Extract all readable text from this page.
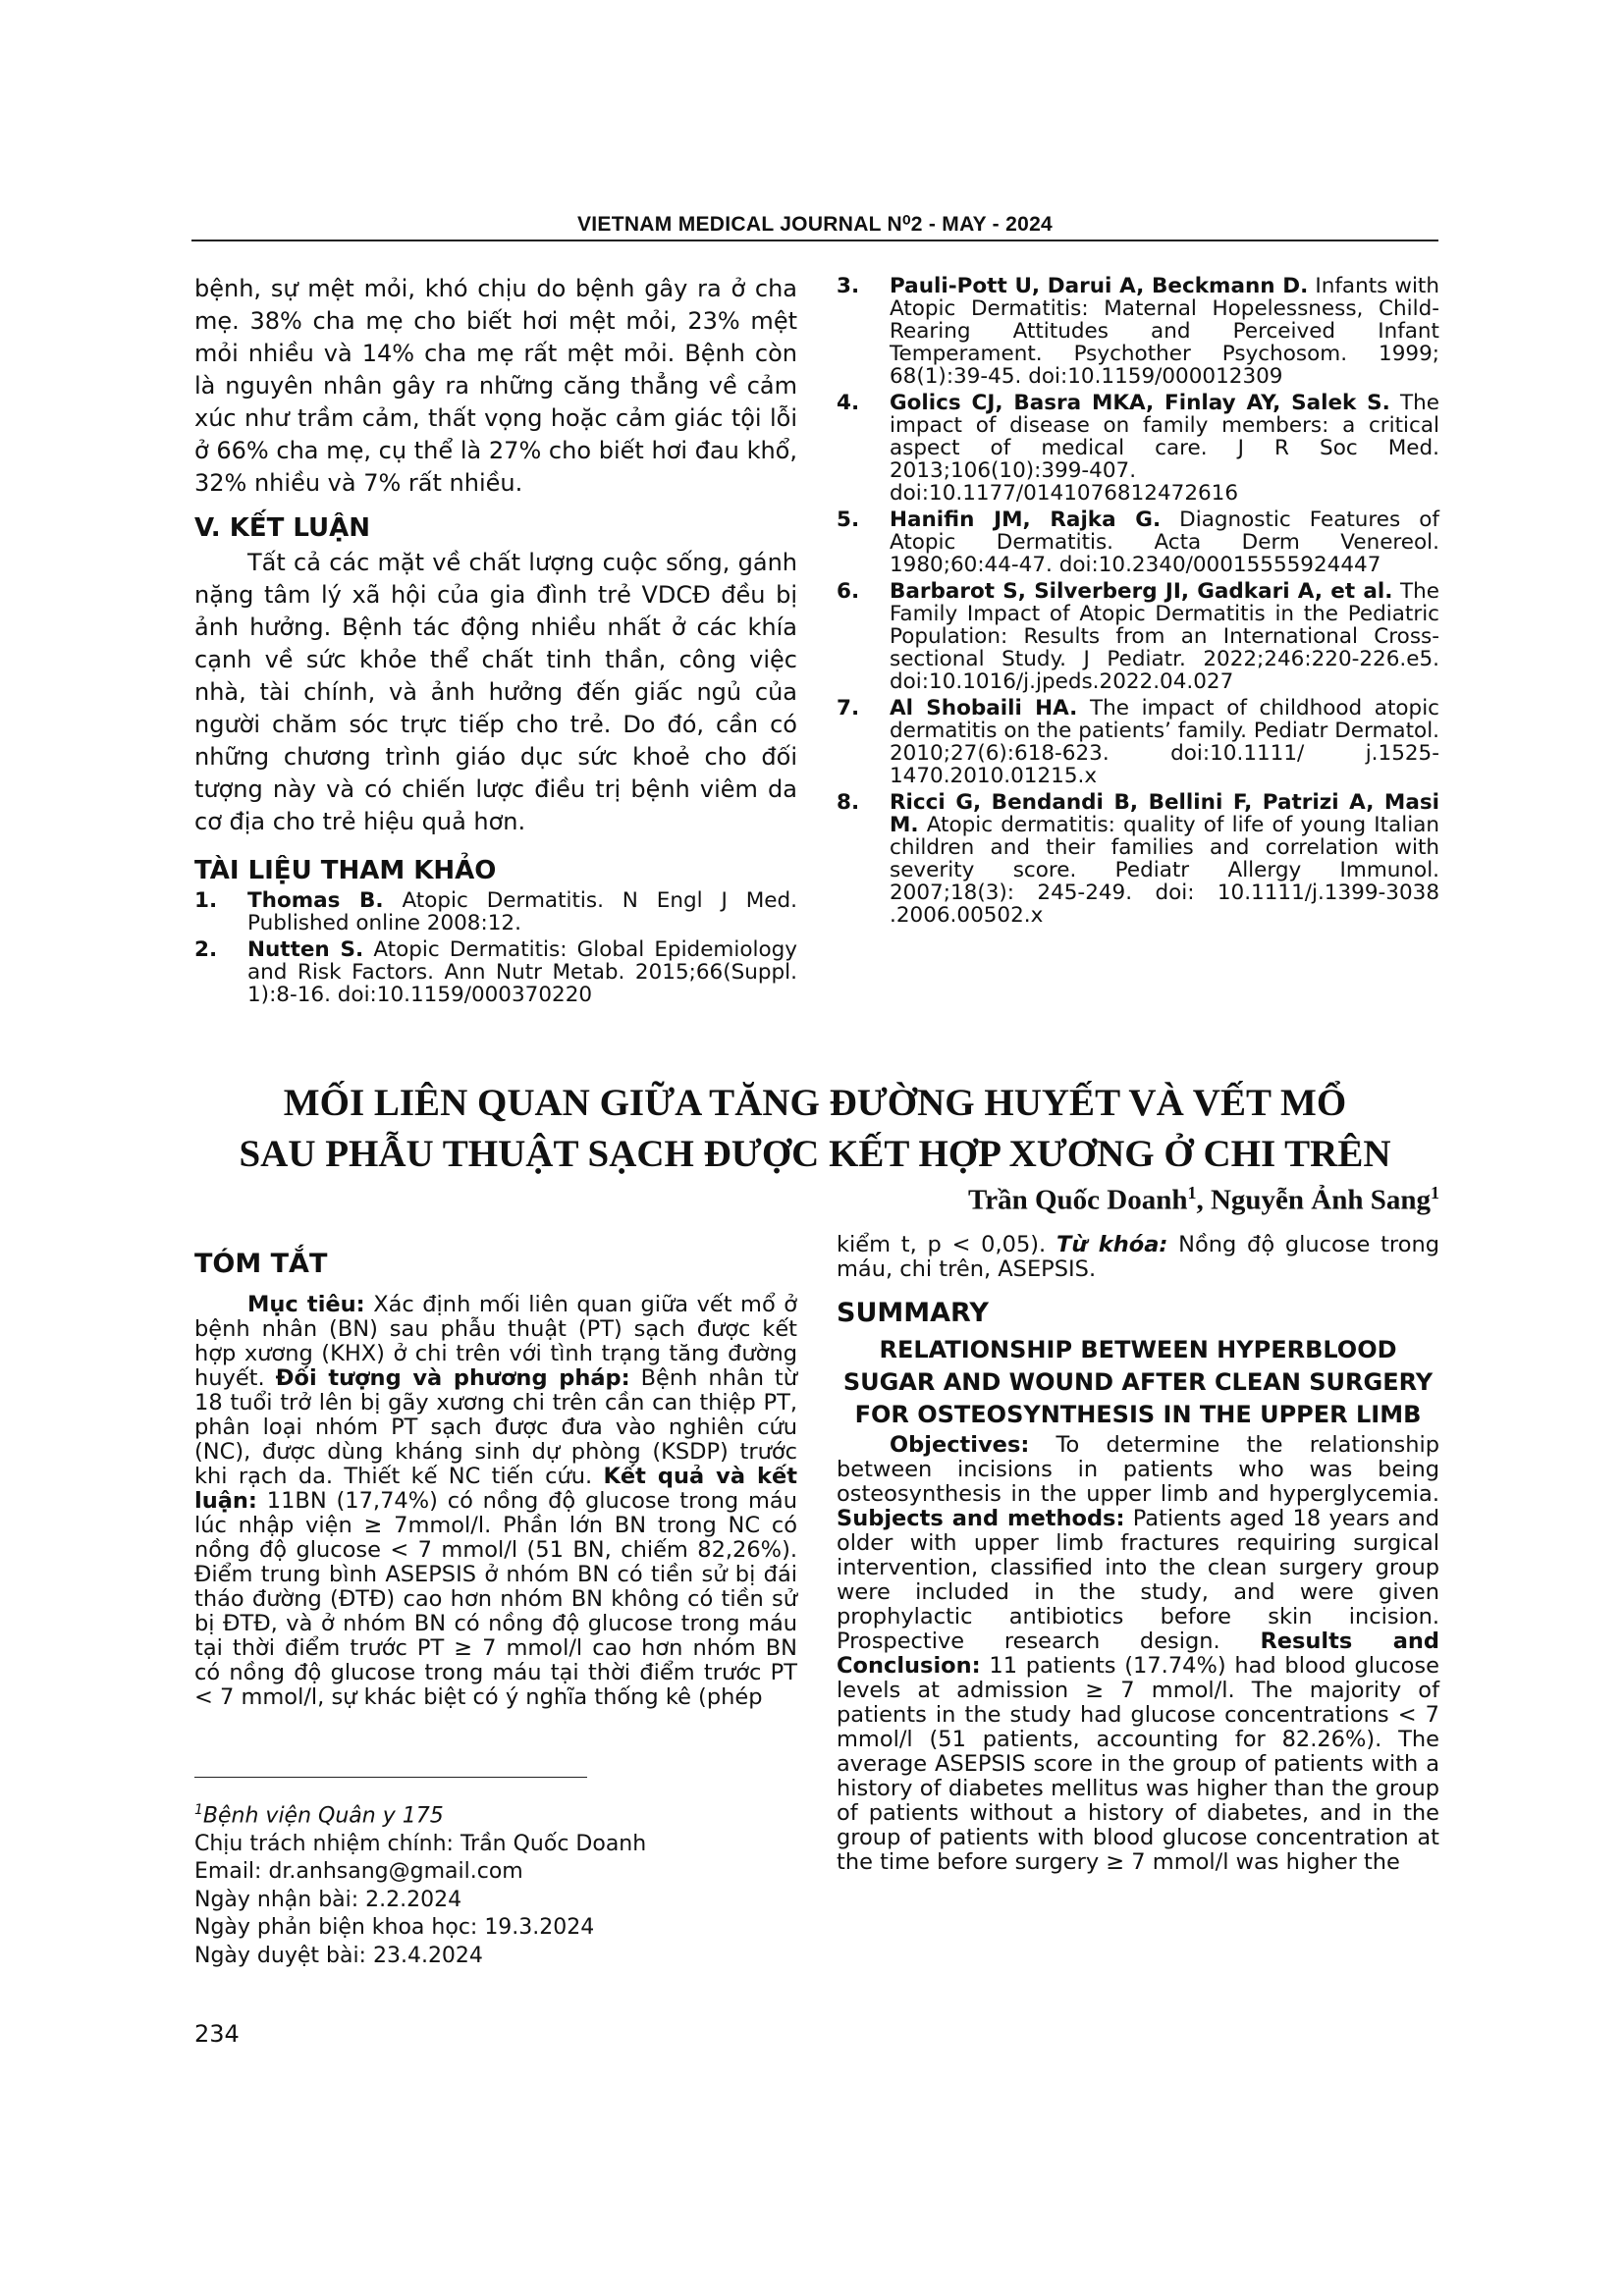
VIETNAM MEDICAL JOURNAL N⁰2 - MAY - 2024

bệnh, sự mệt mỏi, khó chịu do bệnh gây ra ở cha mẹ. 38% cha mẹ cho biết hơi mệt mỏi, 23% mệt mỏi nhiều và 14% cha mẹ rất mệt mỏi. Bệnh còn là nguyên nhân gây ra những căng thẳng về cảm xúc như trầm cảm, thất vọng hoặc cảm giác tội lỗi ở 66% cha mẹ, cụ thể là 27% cho biết hơi đau khổ, 32% nhiều và 7% rất nhiều.

V. KẾT LUẬN

Tất cả các mặt về chất lượng cuộc sống, gánh nặng tâm lý xã hội của gia đình trẻ VDCĐ đều bị ảnh hưởng. Bệnh tác động nhiều nhất ở các khía cạnh về sức khỏe thể chất tinh thần, công việc nhà, tài chính, và ảnh hưởng đến giấc ngủ của người chăm sóc trực tiếp cho trẻ. Do đó, cần có những chương trình giáo dục sức khoẻ cho đối tượng này và có chiến lược điều trị bệnh viêm da cơ địa cho trẻ hiệu quả hơn.

TÀI LIỆU THAM KHẢO
1. Thomas B. Atopic Dermatitis. N Engl J Med. Published online 2008:12.
2. Nutten S. Atopic Dermatitis: Global Epidemiology and Risk Factors. Ann Nutr Metab. 2015;66(Suppl. 1):8-16. doi:10.1159/000370220
3. Pauli-Pott U, Darui A, Beckmann D. Infants with Atopic Dermatitis: Maternal Hopelessness, Child-Rearing Attitudes and Perceived Infant Temperament. Psychother Psychosom. 1999; 68(1):39-45. doi:10.1159/000012309
4. Golics CJ, Basra MKA, Finlay AY, Salek S. The impact of disease on family members: a critical aspect of medical care. J R Soc Med. 2013;106(10):399-407. doi:10.1177/0141076812472616
5. Hanifin JM, Rajka G. Diagnostic Features of Atopic Dermatitis. Acta Derm Venereol. 1980;60:44-47. doi:10.2340/00015555924447
6. Barbarot S, Silverberg JI, Gadkari A, et al. The Family Impact of Atopic Dermatitis in the Pediatric Population: Results from an International Cross-sectional Study. J Pediatr. 2022;246:220-226.e5. doi:10.1016/j.jpeds.2022.04.027
7. Al Shobaili HA. The impact of childhood atopic dermatitis on the patients’ family. Pediatr Dermatol. 2010;27(6):618-623. doi:10.1111/ j.1525-1470.2010.01215.x
8. Ricci G, Bendandi B, Bellini F, Patrizi A, Masi M. Atopic dermatitis: quality of life of young Italian children and their families and correlation with severity score. Pediatr Allergy Immunol. 2007;18(3): 245-249. doi: 10.1111/j.1399-3038 .2006.00502.x
MỐI LIÊN QUAN GIỮA TĂNG ĐƯỜNG HUYẾT VÀ VẾT MỔ
SAU PHẪU THUẬT SẠCH ĐƯỢC KẾT HỢP XƯƠNG Ở CHI TRÊN
Trần Quốc Doanh$^1$, Nguyễn Ảnh Sang$^1$
TÓM TẮT

Mục tiêu: Xác định mối liên quan giữa vết mổ ở bệnh nhân (BN) sau phẫu thuật (PT) sạch được kết hợp xương (KHX) ở chi trên với tình trạng tăng đường huyết. Đối tượng và phương pháp: Bệnh nhân từ 18 tuổi trở lên bị gãy xương chi trên cần can thiệp PT, phân loại nhóm PT sạch được đưa vào nghiên cứu (NC), được dùng kháng sinh dự phòng (KSDP) trước khi rạch da. Thiết kế NC tiến cứu. Kết quả và kết luận: 11BN (17,74%) có nồng độ glucose trong máu lúc nhập viện ≥ 7mmol/l. Phần lớn BN trong NC có nồng độ glucose < 7 mmol/l (51 BN, chiếm 82,26%). Điểm trung bình ASEPSIS ở nhóm BN có tiền sử bị đái tháo đường (ĐTĐ) cao hơn nhóm BN không có tiền sử bị ĐTĐ, và ở nhóm BN có nồng độ glucose trong máu tại thời điểm trước PT ≥ 7 mmol/l cao hơn nhóm BN có nồng độ glucose trong máu tại thời điểm trước PT < 7 mmol/l, sự khác biệt có ý nghĩa thống kê (phép

kiểm t, p < 0,05). Từ khóa: Nồng độ glucose trong máu, chi trên, ASEPSIS.

SUMMARY
RELATIONSHIP BETWEEN HYPERBLOOD SUGAR AND WOUND AFTER CLEAN SURGERY FOR OSTEOSYNTHESIS IN THE UPPER LIMB

Objectives: To determine the relationship between incisions in patients who was being osteosynthesis in the upper limb and hyperglycemia. Subjects and methods: Patients aged 18 years and older with upper limb fractures requiring surgical intervention, classified into the clean surgery group were included in the study, and were given prophylactic antibiotics before skin incision. Prospective research design. Results and Conclusion: 11 patients (17.74%) had blood glucose levels at admission ≥ 7 mmol/l. The majority of patients in the study had glucose concentrations < 7 mmol/l (51 patients, accounting for 82.26%). The average ASEPSIS score in the group of patients with a history of diabetes mellitus was higher than the group of patients without a history of diabetes, and in the group of patients with blood glucose concentration at the time before surgery ≥ 7 mmol/l was higher the

$^1$Bệnh viện Quân y 175
Chịu trách nhiệm chính: Trần Quốc Doanh
Email: dr.anhsang@gmail.com
Ngày nhận bài: 2.2.2024
Ngày phản biện khoa học: 19.3.2024
Ngày duyệt bài: 23.4.2024
234
